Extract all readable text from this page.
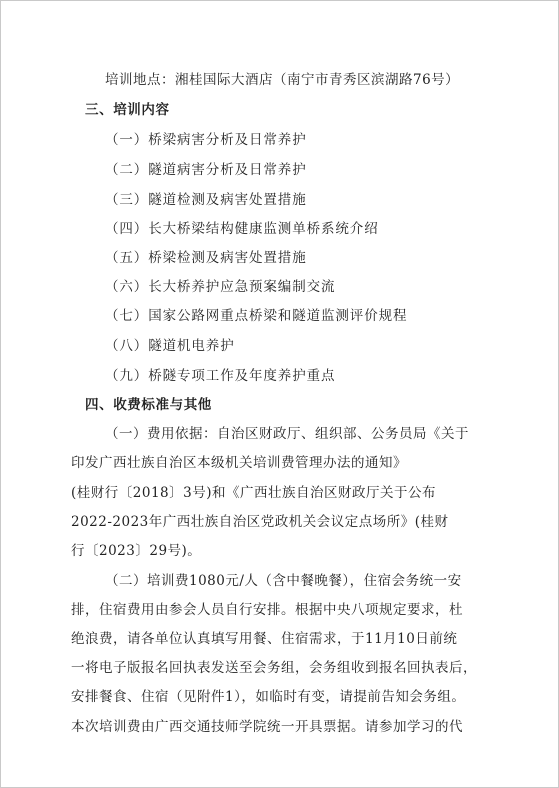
培训地点：湘桂国际大酒店（南宁市青秀区滨湖路76号）
三、培训内容
（一）桥梁病害分析及日常养护
（二）隧道病害分析及日常养护
（三）隧道检测及病害处置措施
（四）长大桥梁结构健康监测单桥系统介绍
（五）桥梁检测及病害处置措施
（六）长大桥养护应急预案编制交流
（七）国家公路网重点桥梁和隧道监测评价规程
（八）隧道机电养护
（九）桥隧专项工作及年度养护重点
四、收费标准与其他
（一）费用依据：自治区财政厅、组织部、公务员局《关于
印发广西壮族自治区本级机关培训费管理办法的通知》
(桂财行〔2018〕3号)和《广西壮族自治区财政厅关于公布
2022-2023年广西壮族自治区党政机关会议定点场所》(桂财
行〔2023〕29号)。
（二）培训费1080元/人（含中餐晚餐），住宿会务统一安
排，住宿费用由参会人员自行安排。根据中央八项规定要求，杜
绝浪费，请各单位认真填写用餐、住宿需求，于11月10日前统
一将电子版报名回执表发送至会务组，会务组收到报名回执表后，
安排餐食、住宿（见附件1），如临时有变，请提前告知会务组。
本次培训费由广西交通技师学院统一开具票据。请参加学习的代
